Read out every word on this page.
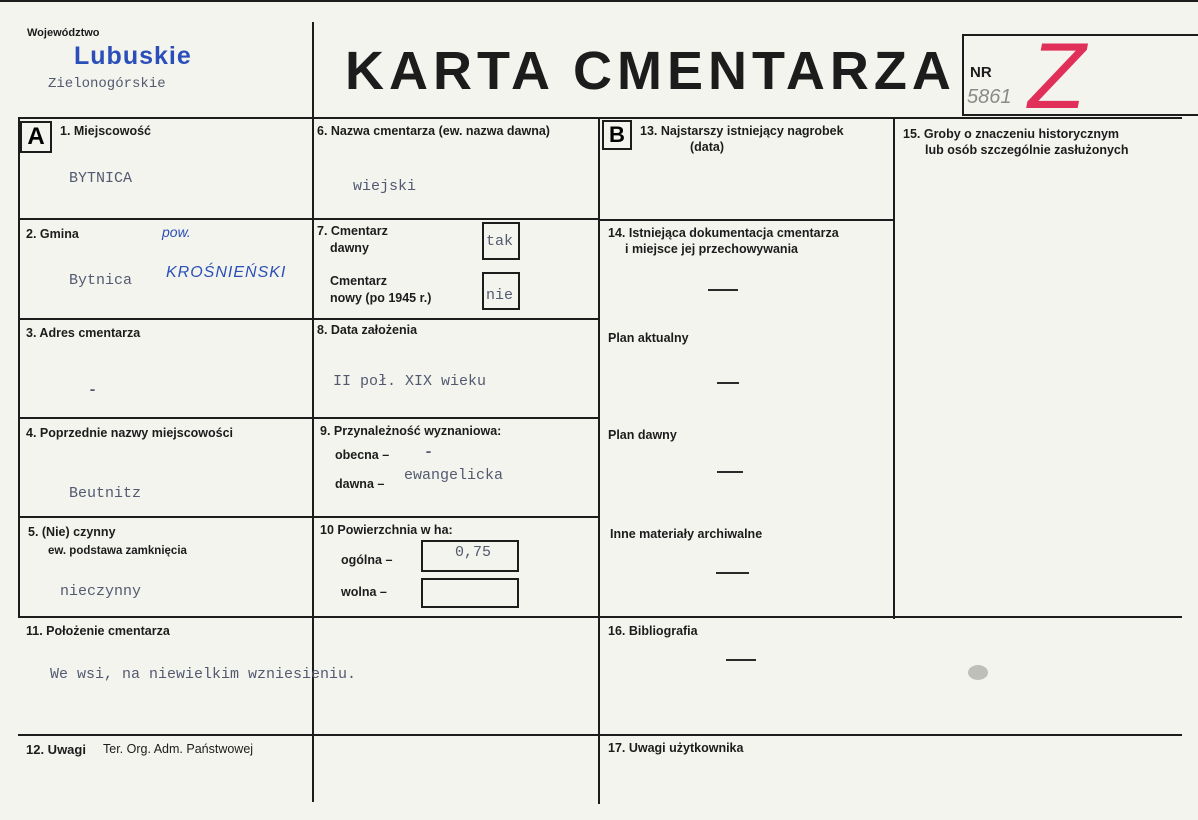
Województwo
Lubuskie
Zielonogórskie	KARTA CMENTARZA NR
5861 Z
A	B
1. Miejscowość
BYTNICA
2. Gmina
Bytnica
pow.
KROŚNIEŃSKI
3. Adres cmentarza
-
4. Poprzednie nazwy miejscowości
Beutnitz
5. (Nie) czynny
ew. podstawa zamknięcia
nieczynny
6. Nazwa cmentarza (ew. nazwa dawna)
wiejski
7. Cmentarz
dawny	tak
Cmentarz
nowy (po 1945 r.)	nie
8. Data założenia
II poł. XIX wieku
9. Przynależność wyznaniowa:
obecna – -
dawna – ewangelicka
10 Powierzchnia w ha:
ogólna –	0,75
wolna –
11. Położenie cmentarza
We wsi, na niewielkim wzniesieniu.
12. Uwagi Ter. Org. Adm. Państwowej
13. Najstarszy istniejący nagrobek
(data)
14. Istniejąca dokumentacja cmentarza
i miejsce jej przechowywania
Plan aktualny
Plan dawny
Inne materiały archiwalne
16. Bibliografia
17. Uwagi użytkownika
15. Groby o znaczeniu historycznym
lub osób szczególnie zasłużonych
